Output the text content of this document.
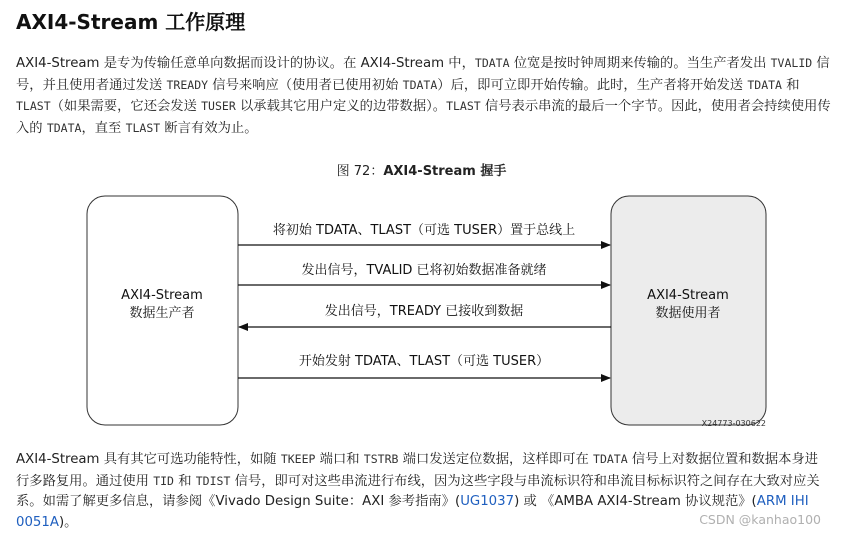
AXI4-Stream 工作原理
AXI4-Stream 是专为传输任意单向数据而设计的协议。在 AXI4-Stream 中，TDATA 位宽是按时钟周期来传输的。当生产者发出 TVALID 信号，并且使用者通过发送 TREADY 信号来响应（使用者已使用初始 TDATA）后，即可立即开始传输。此时，生产者将开始发送 TDATA 和 TLAST（如果需要，它还会发送 TUSER 以承载其它用户定义的边带数据）。TLAST 信号表示串流的最后一个字节。因此，使用者会持续使用传入的 TDATA，直至 TLAST 断言有效为止。
图 72：AXI4-Stream 握手
AXI4-Stream
数据生产者
AXI4-Stream
数据使用者
将初始 TDATA、TLAST（可选 TUSER）置于总线上
发出信号，TVALID 已将初始数据准备就绪
发出信号，TREADY 已接收到数据
开始发射 TDATA、TLAST（可选 TUSER）
X24773-030622
AXI4-Stream 具有其它可选功能特性，如随 TKEEP 端口和 TSTRB 端口发送定位数据，这样即可在 TDATA 信号上对数据位置和数据本身进行多路复用。通过使用 TID 和 TDIST 信号，即可对这些串流进行布线，因为这些字段与串流标识符和串流目标标识符之间存在大致对应关系。如需了解更多信息，请参阅《Vivado Design Suite：AXI 参考指南》(UG1037) 或 《AMBA AXI4-Stream 协议规范》(ARM IHI 0051A)。	CSDN @kanhao100
